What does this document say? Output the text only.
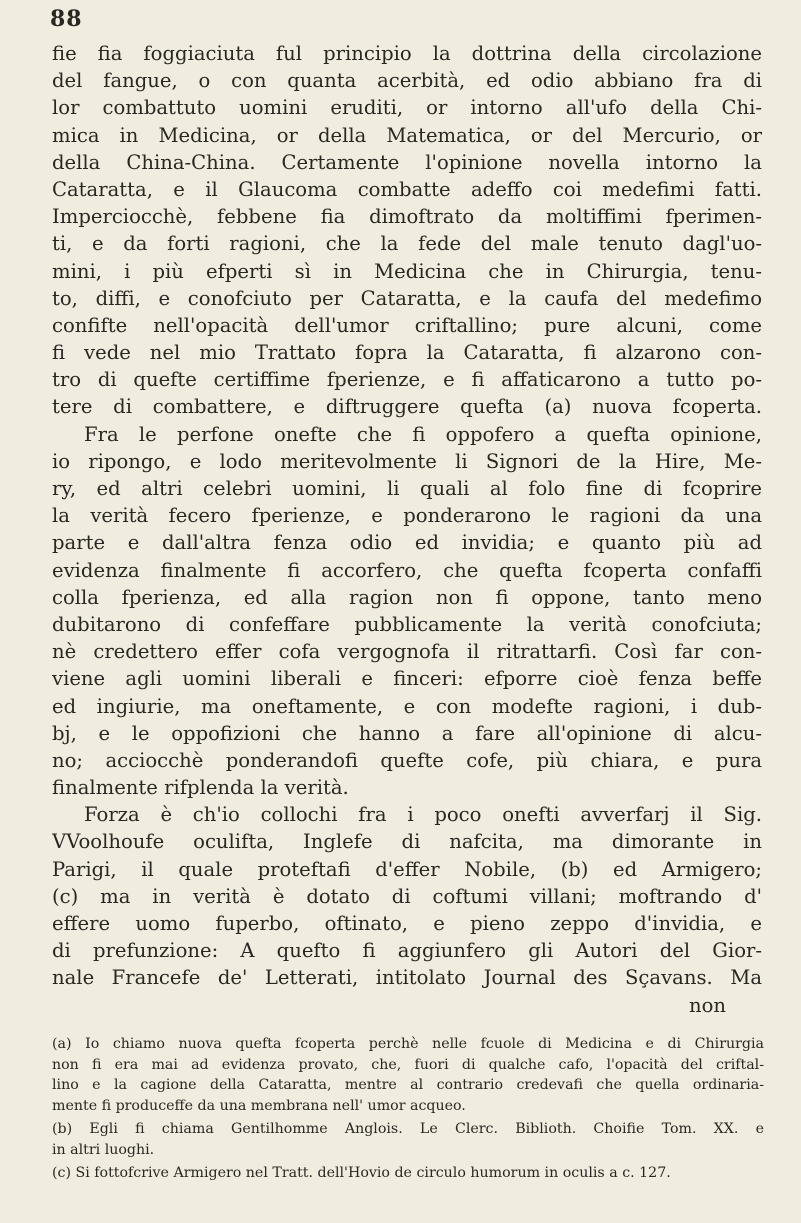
88
fie fia foggiaciuta ful principio la dottrina della circolazione
del fangue, o con quanta acerbità, ed odio abbiano fra di
lor combattuto uomini eruditi, or intorno all'ufo della Chi-
mica in Medicina, or della Matematica, or del Mercurio, or
della China-China. Certamente l'opinione novella intorno la
Cataratta, e il Glaucoma combatte adeffo coi medefimi fatti.
Imperciocchè, febbene fia dimoftrato da moltiffimi fperimen-
ti, e da forti ragioni, che la fede del male tenuto dagl'uo-
mini, i più efperti sì in Medicina che in Chirurgia, tenu-
to, diffi, e conofciuto per Cataratta, e la caufa del medefimo
confifte nell'opacità dell'umor criftallino; pure alcuni, come
fi vede nel mio Trattato fopra la Cataratta, fi alzarono con-
tro di quefte certiffime fperienze, e fi affaticarono a tutto po-
tere di combattere, e diftruggere quefta (a) nuova fcoperta.
Fra le perfone onefte che fi oppofero a quefta opinione,
io ripongo, e lodo meritevolmente li Signori de la Hire, Me-
ry, ed altri celebri uomini, li quali al folo fine di fcoprire
la verità fecero fperienze, e ponderarono le ragioni da una
parte e dall'altra fenza odio ed invidia; e quanto più ad
evidenza finalmente fi accorfero, che quefta fcoperta confaffi
colla fperienza, ed alla ragion non fi oppone, tanto meno
dubitarono di confeffare pubblicamente la verità conofciuta;
nè credettero effer cofa vergognofa il ritrattarfi. Così far con-
viene agli uomini liberali e finceri: efporre cioè fenza beffe
ed ingiurie, ma oneftamente, e con modefte ragioni, i dub-
bj, e le oppofizioni che hanno a fare all'opinione di alcu-
no; acciocchè ponderandofi quefte cofe, più chiara, e pura
finalmente rifplenda la verità.
Forza è ch'io collochi fra i poco onefti avverfarj il Sig.
VVoolhoufe oculifta, Inglefe di nafcita, ma dimorante in
Parigi, il quale proteftafi d'effer Nobile, (b) ed Armigero;
(c) ma in verità è dotato di coftumi villani; moftrando d'
effere uomo fuperbo, oftinato, e pieno zeppo d'invidia, e
di prefunzione: A quefto fi aggiunfero gli Autori del Gior-
nale Francefe de' Letterati, intitolato Journal des Sçavans. Ma
non
(a) Io chiamo nuova quefta fcoperta perchè nelle fcuole di Medicina e di Chirurgia
non fi era mai ad evidenza provato, che, fuori di qualche cafo, l'opacità del criftal-
lino e la cagione della Cataratta, mentre al contrario credevafi che quella ordinaria-
mente fi produceffe da una membrana nell' umor acqueo.
(b) Egli fi chiama Gentilhomme Anglois. Le Clerc. Biblioth. Choifie Tom. XX. e
in altri luoghi.
(c) Si fottofcrive Armigero nel Tratt. dell'Hovio de circulo humorum in oculis a c. 127.
